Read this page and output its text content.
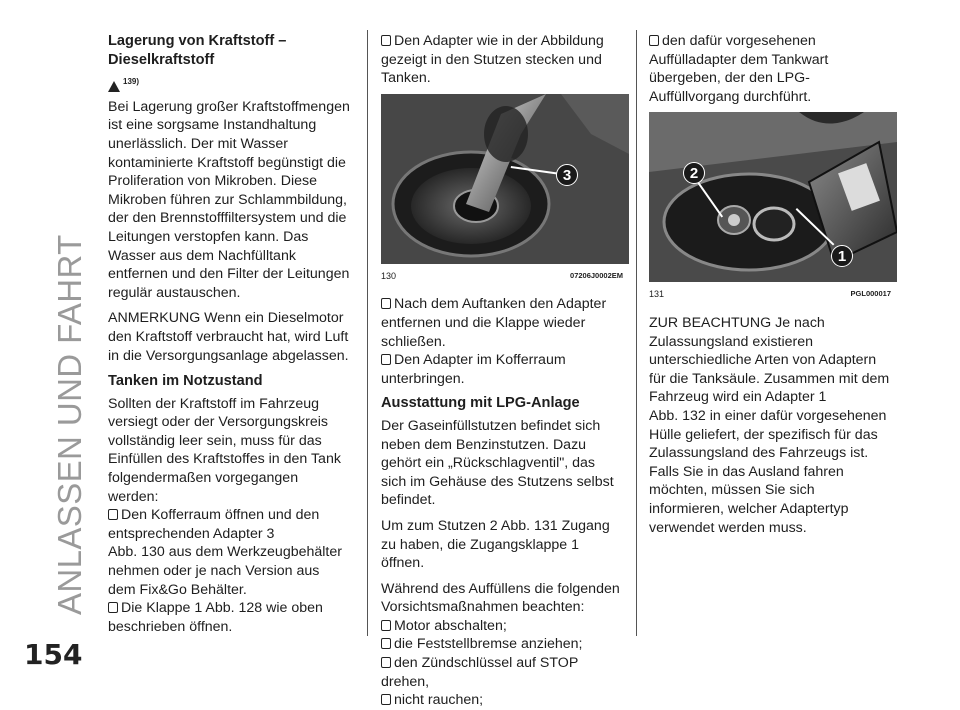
ANLASSEN UND FAHRT
154
Lagerung von Kraftstoff – Dieselkraftstoff
139)

Bei Lagerung großer Kraftstoffmengen ist eine sorgsame Instandhaltung unerlässlich. Der mit Wasser kontaminierte Kraftstoff begünstigt die Proliferation von Mikroben. Diese Mikroben führen zur Schlammbildung, der den Brennstofffiltersystem und die Leitungen verstopfen kann. Das Wasser aus dem Nachfülltank entfernen und den Filter der Leitungen regulär austauschen.

ANMERKUNG Wenn ein Dieselmotor den Kraftstoff verbraucht hat, wird Luft in die Versorgungsanlage abgelassen.

Tanken im Notzustand

Sollten der Kraftstoff im Fahrzeug versiegt oder der Versorgungskreis vollständig leer sein, muss für das Einfüllen des Kraftstoffes in den Tank folgendermaßen vorgegangen werden:

Den Kofferraum öffnen und den entsprechenden Adapter 3
Abb. 130 aus dem Werkzeugbehälter nehmen oder je nach Version aus dem Fix&Go Behälter.
Die Klappe 1 Abb. 128 wie oben beschrieben öffnen.
Den Adapter wie in der Abbildung gezeigt in den Stutzen stecken und Tanken.
3
130	07206J0002EM
Nach dem Auftanken den Adapter entfernen und die Klappe wieder schließen.
Den Adapter im Kofferraum unterbringen.
Ausstattung mit LPG-Anlage

Der Gaseinfüllstutzen befindet sich neben dem Benzinstutzen. Dazu gehört ein „Rückschlagventil", das sich im Gehäuse des Stutzens selbst befindet.

Um zum Stutzen 2 Abb. 131 Zugang zu haben, die Zugangsklappe 1 öffnen.

Während des Auffüllens die folgenden Vorsichtsmaßnahmen beachten:

Motor abschalten;
die Feststellbremse anziehen;
den Zündschlüssel auf STOP drehen,
nicht rauchen;
den dafür vorgesehenen Auffülladapter dem Tankwart übergeben, der den LPG-Auffüllvorgang durchführt.
2
1
131	PGL000017
ZUR BEACHTUNG Je nach Zulassungsland existieren unterschiedliche Arten von Adaptern für die Tanksäule. Zusammen mit dem Fahrzeug wird ein Adapter 1
Abb. 132 in einer dafür vorgesehenen Hülle geliefert, der spezifisch für das Zulassungsland des Fahrzeugs ist. Falls Sie in das Ausland fahren möchten, müssen Sie sich informieren, welcher Adaptertyp verwendet werden muss.
